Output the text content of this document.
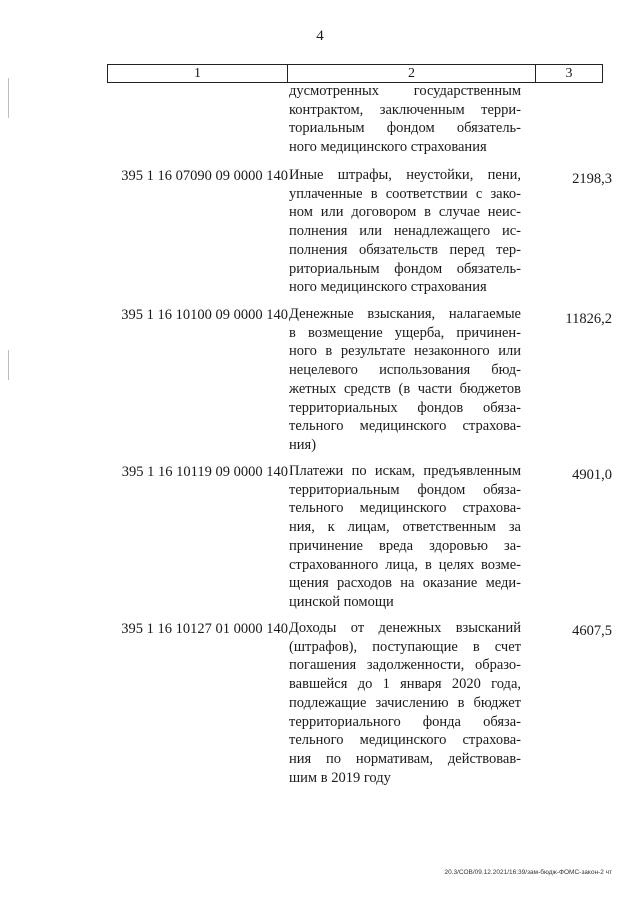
4
1	2	3
дусмотренных государственным
контрактом, заключенным терри-
ториальным фондом обязатель-
ного медицинского страхования
395 1 16 07090 09 0000 140 Иные штрафы, неустойки, пени,
уплаченные в соответствии с зако-
ном или договором в случае неис-
полнения или ненадлежащего ис-
полнения обязательств перед тер-
риториальным фондом обязатель-
ного медицинского страхования
2198,3
395 1 16 10100 09 0000 140 Денежные взыскания, налагаемые
в возмещение ущерба, причинен-
ного в результате незаконного или
нецелевого использования бюд-
жетных средств (в части бюджетов
территориальных фондов обяза-
тельного медицинского страхова-
ния)
11826,2
395 1 16 10119 09 0000 140 Платежи по искам, предъявленным
территориальным фондом обяза-
тельного медицинского страхова-
ния, к лицам, ответственным за
причинение вреда здоровью за-
страхованного лица, в целях возме-
щения расходов на оказание меди-
цинской помощи
4901,0
395 1 16 10127 01 0000 140 Доходы от денежных взысканий
(штрафов), поступающие в счет
погашения задолженности, образо-
вавшейся до 1 января 2020 года,
подлежащие зачислению в бюджет
территориального фонда обяза-
тельного медицинского страхова-
ния по нормативам, действовав-
шим в 2019 году
4607,5
20.3/СОВ/09.12.2021/16:39/зам-бюдж-ФОМС-закон-2 чт
